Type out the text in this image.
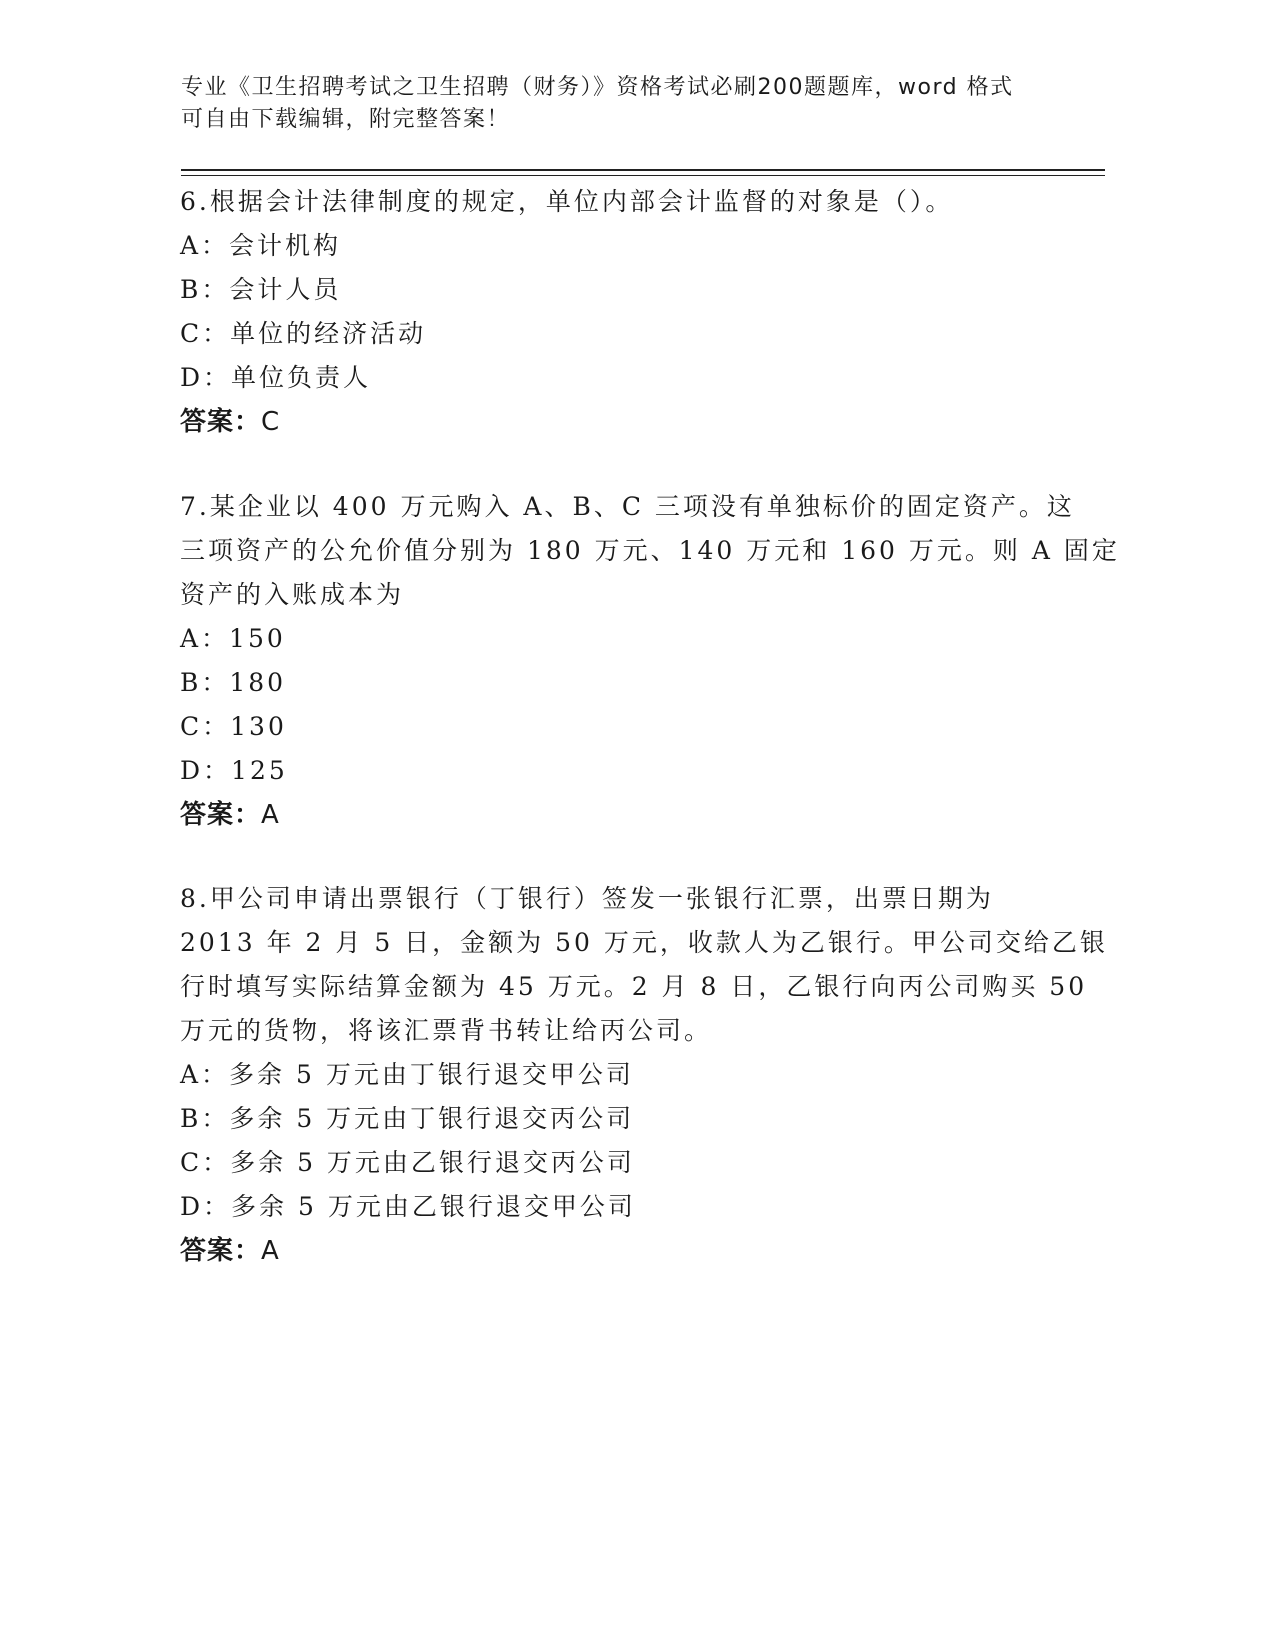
专业《卫生招聘考试之卫生招聘（财务）》资格考试必刷200题题库，word 格式
可自由下载编辑，附完整答案！
6.根据会计法律制度的规定，单位内部会计监督的对象是（）。
A：会计机构
B：会计人员
C：单位的经济活动
D：单位负责人
答案：C
7.某企业以 400 万元购入 A、B、C 三项没有单独标价的固定资产。这
三项资产的公允价值分别为 180 万元、140 万元和 160 万元。则 A 固定
资产的入账成本为
A：150
B：180
C：130
D：125
答案：A
8.甲公司申请出票银行（丁银行）签发一张银行汇票，出票日期为
2013 年 2 月 5 日，金额为 50 万元，收款人为乙银行。甲公司交给乙银
行时填写实际结算金额为 45 万元。2 月 8 日，乙银行向丙公司购买 50
万元的货物，将该汇票背书转让给丙公司。
A：多余 5 万元由丁银行退交甲公司
B：多余 5 万元由丁银行退交丙公司
C：多余 5 万元由乙银行退交丙公司
D：多余 5 万元由乙银行退交甲公司
答案：A
